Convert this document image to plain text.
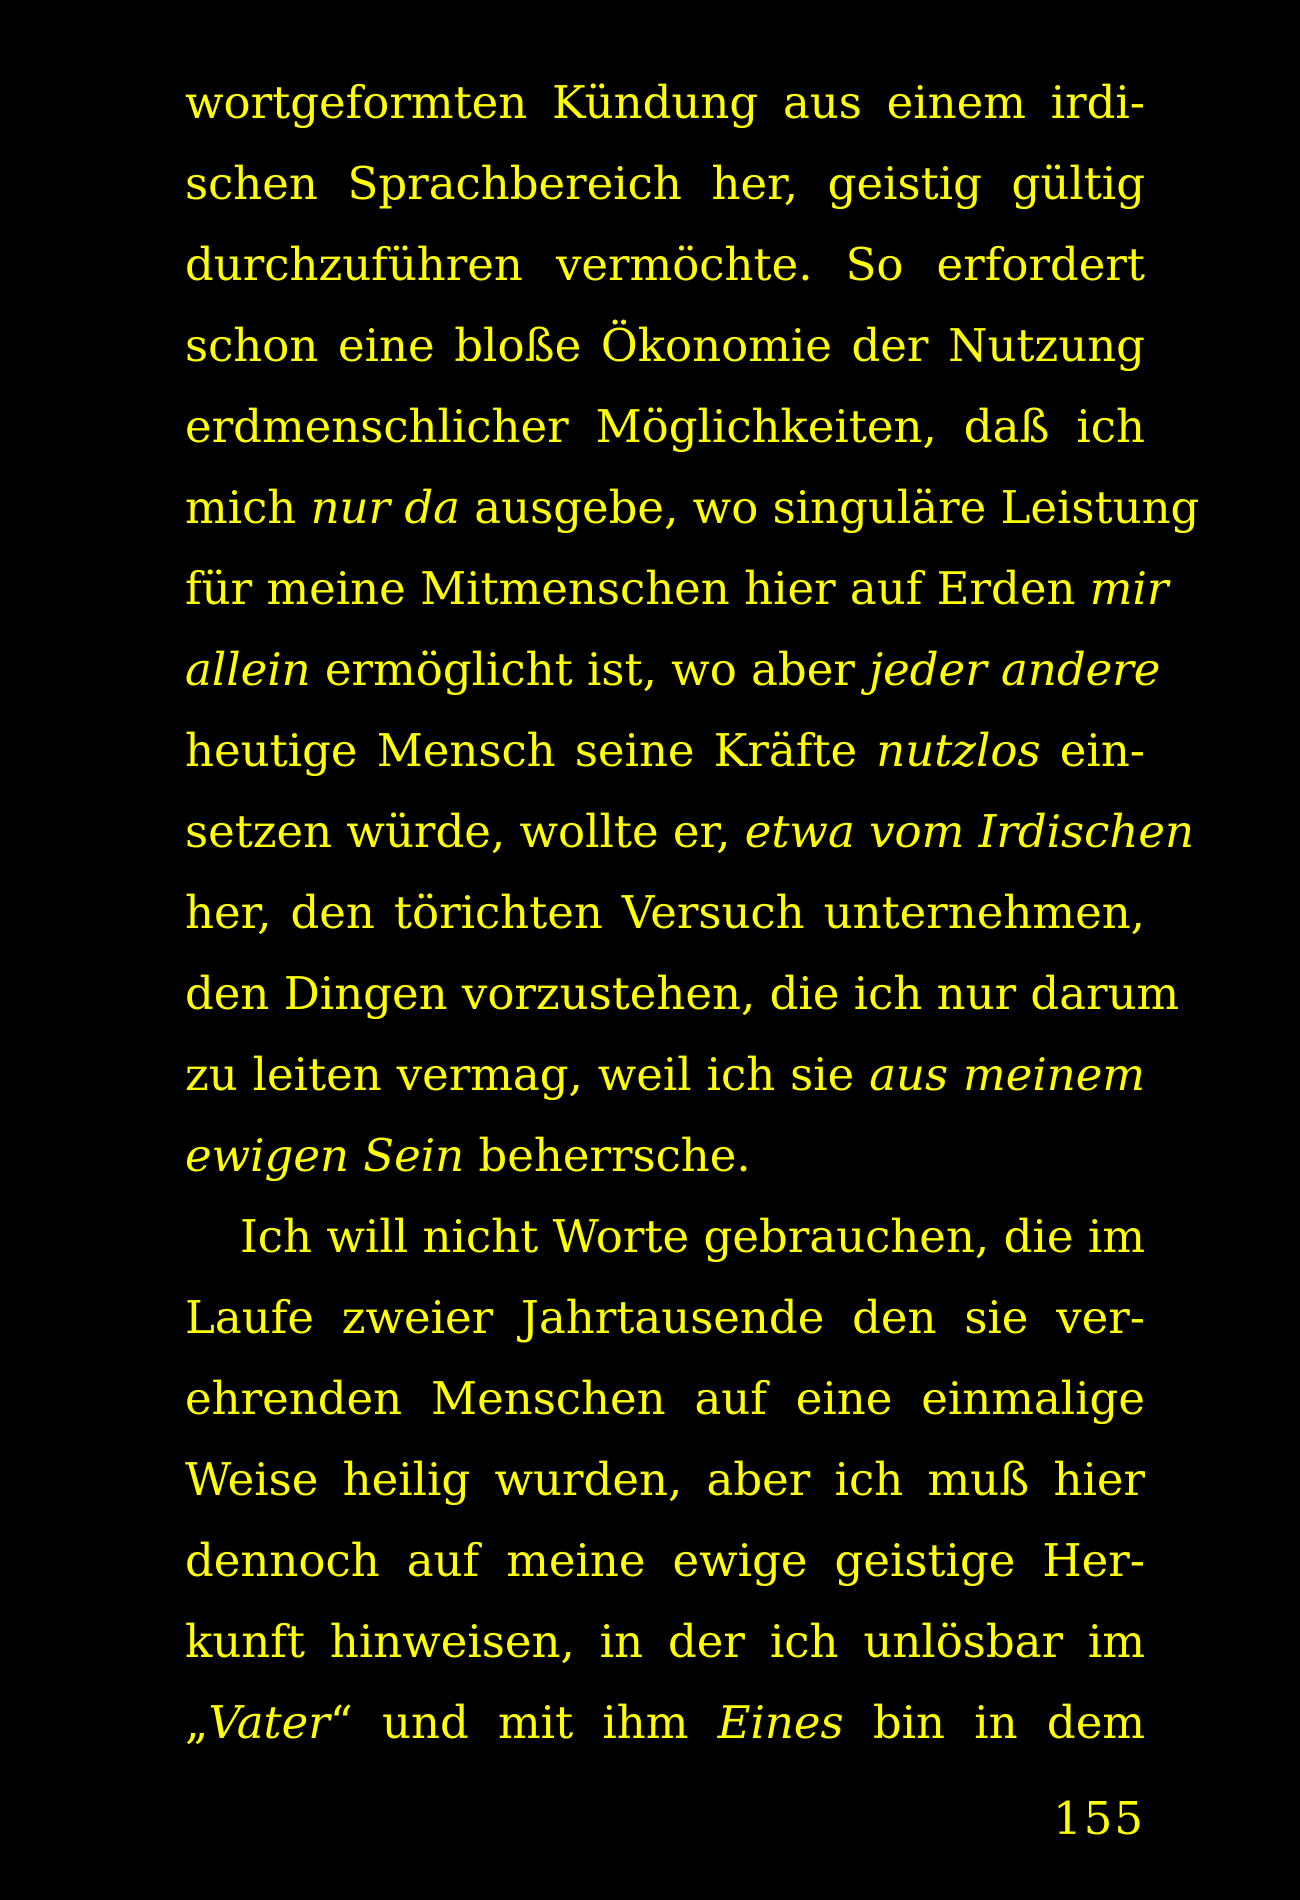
wortgeformten Kündung aus einem irdi-
schen Sprachbereich her, geistig gültig
durchzuführen vermöchte. So erfordert
schon eine bloße Ökonomie der Nutzung
erdmenschlicher Möglichkeiten, daß ich
mich nur da ausgebe, wo singuläre Leistung
für meine Mitmenschen hier auf Erden mir
allein ermöglicht ist, wo aber jeder andere
heutige Mensch seine Kräfte nutzlos ein-
setzen würde, wollte er, etwa vom Irdischen
her, den törichten Versuch unternehmen,
den Dingen vorzustehen, die ich nur darum
zu leiten vermag, weil ich sie aus meinem
ewigen Sein beherrsche.
Ich will nicht Worte gebrauchen, die im
Laufe zweier Jahrtausende den sie ver-
ehrenden Menschen auf eine einmalige
Weise heilig wurden, aber ich muß hier
dennoch auf meine ewige geistige Her-
kunft hinweisen, in der ich unlösbar im
„Vater“ und mit ihm Eines bin in dem
155
